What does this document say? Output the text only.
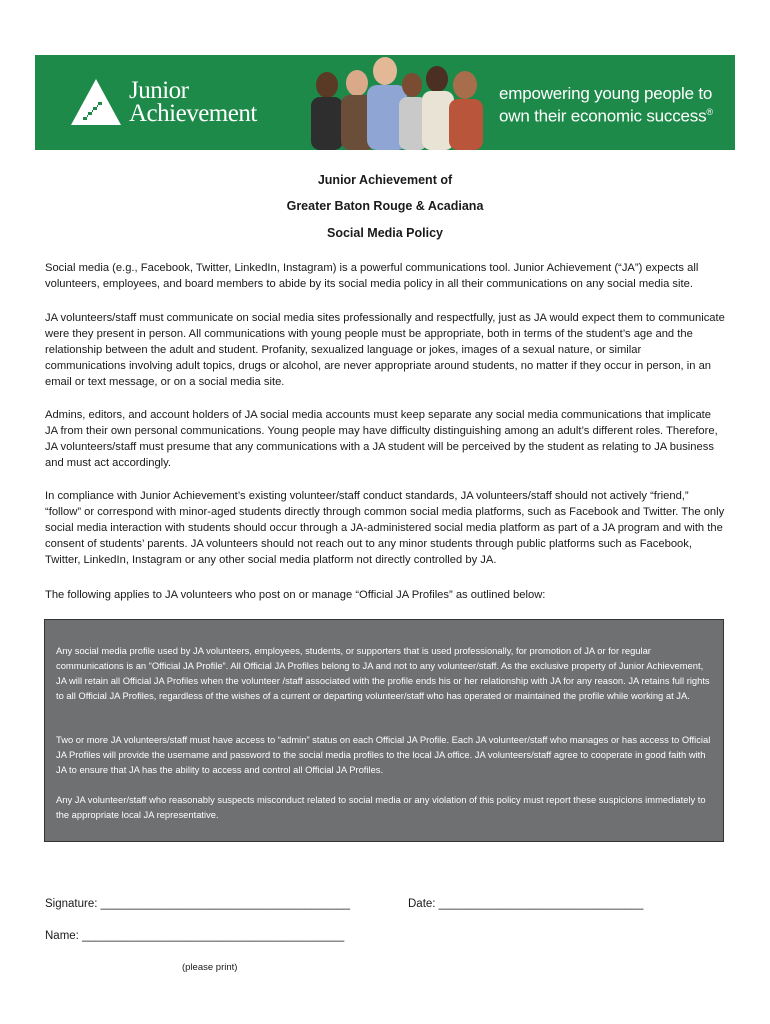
Junior
Achievement
empowering young people to
own their economic success®
Junior Achievement of
Greater Baton Rouge & Acadiana
Social Media Policy
Social media (e.g., Facebook, Twitter, LinkedIn, Instagram) is a powerful communications tool. Junior Achievement (“JA”) expects all volunteers, employees, and board members to abide by its social media policy in all their communications on any social media site.
JA volunteers/staff must communicate on social media sites professionally and respectfully, just as JA would expect them to communicate were they present in person. All communications with young people must be appropriate, both in terms of the student’s age and the relationship between the adult and student. Profanity, sexualized language or jokes, images of a sexual nature, or similar communications involving adult topics, drugs or alcohol, are never appropriate around students, no matter if they occur in person, in an email or text message, or on a social media site.
Admins, editors, and account holders of JA social media accounts must keep separate any social media communications that implicate JA from their own personal communications. Young people may have difficulty distinguishing among an adult’s different roles. Therefore, JA volunteers/staff must presume that any communications with a JA student will be perceived by the student as relating to JA business and must act accordingly.
In compliance with Junior Achievement’s existing volunteer/staff conduct standards, JA volunteers/staff should not actively “friend,” “follow” or correspond with minor-aged students directly through common social media platforms, such as Facebook and Twitter. The only social media interaction with students should occur through a JA-administered social media platform as part of a JA program and with the consent of students’ parents. JA volunteers should not reach out to any minor students through public platforms such as Facebook, Twitter, LinkedIn, Instagram or any other social media platform not directly controlled by JA.
The following applies to JA volunteers who post on or manage “Official JA Profiles” as outlined below:

Any social media profile used by JA volunteers, employees, students, or supporters that is used professionally, for promotion of JA or for regular communications is an “Official JA Profile”. All Official JA Profiles belong to JA and not to any volunteer/staff. As the exclusive property of Junior Achievement, JA will retain all Official JA Profiles when the volunteer /staff associated with the profile ends his or her relationship with JA for any reason. JA retains full rights to all Official JA Profiles, regardless of the wishes of a current or departing volunteer/staff who has operated or maintained the profile while working at JA.

Two or more JA volunteers/staff must have access to “admin” status on each Official JA Profile. Each JA volunteer/staff who manages or has access to Official JA Profiles will provide the username and password to the social media profiles to the local JA office. JA volunteers/staff agree to cooperate in good faith with JA to ensure that JA has the ability to access and control all Official JA Profiles.

Any JA volunteer/staff who reasonably suspects misconduct related to social media or any violation of this policy must report these suspicions immediately to the appropriate local JA representative.

Signature: _______________________________________	Date: ________________________________
Name: _________________________________________
(please print)
